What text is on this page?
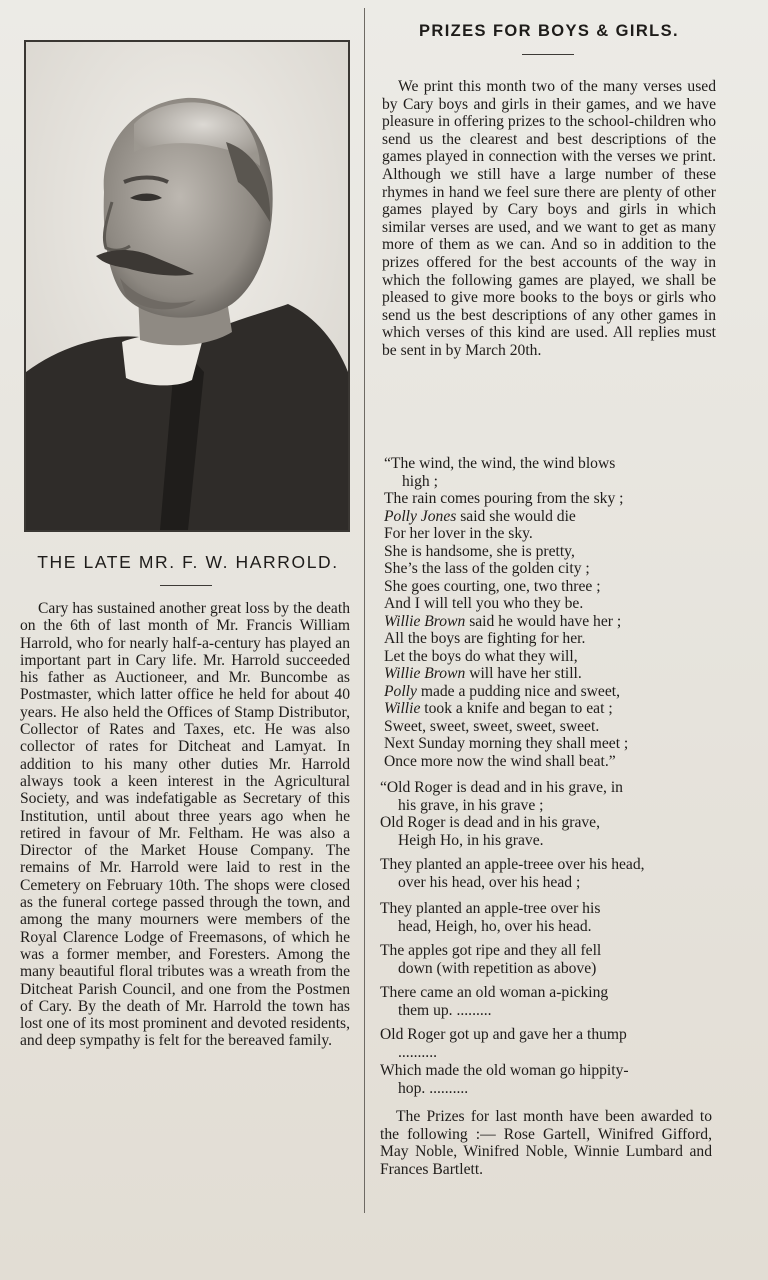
THE LATE MR. F. W. HARROLD.

Cary has sustained another great loss by the death on the 6th of last month of Mr. Francis William Harrold, who for nearly half-a-century has played an important part in Cary life. Mr. Harrold succeeded his father as Auctioneer, and Mr. Buncombe as Postmaster, which latter office he held for about 40 years. He also held the Offices of Stamp Distributor, Collector of Rates and Taxes, etc. He was also collector of rates for Ditcheat and Lamyat. In addition to his many other duties Mr. Harrold always took a keen interest in the Agricultural Society, and was indefatigable as Secretary of this Institution, until about three years ago when he retired in favour of Mr. Feltham. He was also a Director of the Market House Company. The remains of Mr. Harrold were laid to rest in the Cemetery on February 10th. The shops were closed as the funeral cortege passed through the town, and among the many mourners were members of the Royal Clarence Lodge of Freemasons, of which he was a former member, and Foresters. Among the many beautiful floral tributes was a wreath from the Ditcheat Parish Council, and one from the Postmen of Cary. By the death of Mr. Harrold the town has lost one of its most prominent and devoted residents, and deep sympathy is felt for the bereaved family.

PRIZES FOR BOYS & GIRLS.

We print this month two of the many verses used by Cary boys and girls in their games, and we have pleasure in offering prizes to the school-children who send us the clearest and best descriptions of the games played in connection with the verses we print. Although we still have a large number of these rhymes in hand we feel sure there are plenty of other games played by Cary boys and girls in which similar verses are used, and we want to get as many more of them as we can. And so in addition to the prizes offered for the best accounts of the way in which the following games are played, we shall be pleased to give more books to the boys or girls who send us the best descriptions of any other games in which verses of this kind are used. All replies must be sent in by March 20th.

“The wind, the wind, the wind blows
high ;
The rain comes pouring from the sky ;
Polly Jones said she would die
For her lover in the sky.
She is handsome, she is pretty,
She’s the lass of the golden city ;
She goes courting, one, two three ;
And I will tell you who they be.
Willie Brown said he would have her ;
All the boys are fighting for her.
Let the boys do what they will,
Willie Brown will have her still.
Polly made a pudding nice and sweet,
Willie took a knife and began to eat ;
Sweet, sweet, sweet, sweet, sweet.
Next Sunday morning they shall meet ;
Once more now the wind shall beat.”

“Old Roger is dead and in his grave, in
his grave, in his grave ;

Old Roger is dead and in his grave,
Heigh Ho, in his grave.

They planted an apple-treee over his head,
over his head, over his head ;

They planted an apple-tree over his
head, Heigh, ho, over his head.

The apples got ripe and they all fell
down (with repetition as above)

There came an old woman a-picking
them up. .........

Old Roger got up and gave her a thump
..........

Which made the old woman go hippity-
hop. ..........

The Prizes for last month have been awarded to the following :— Rose Gartell, Winifred Gifford, May Noble, Winifred Noble, Winnie Lumbard and Frances Bartlett.
